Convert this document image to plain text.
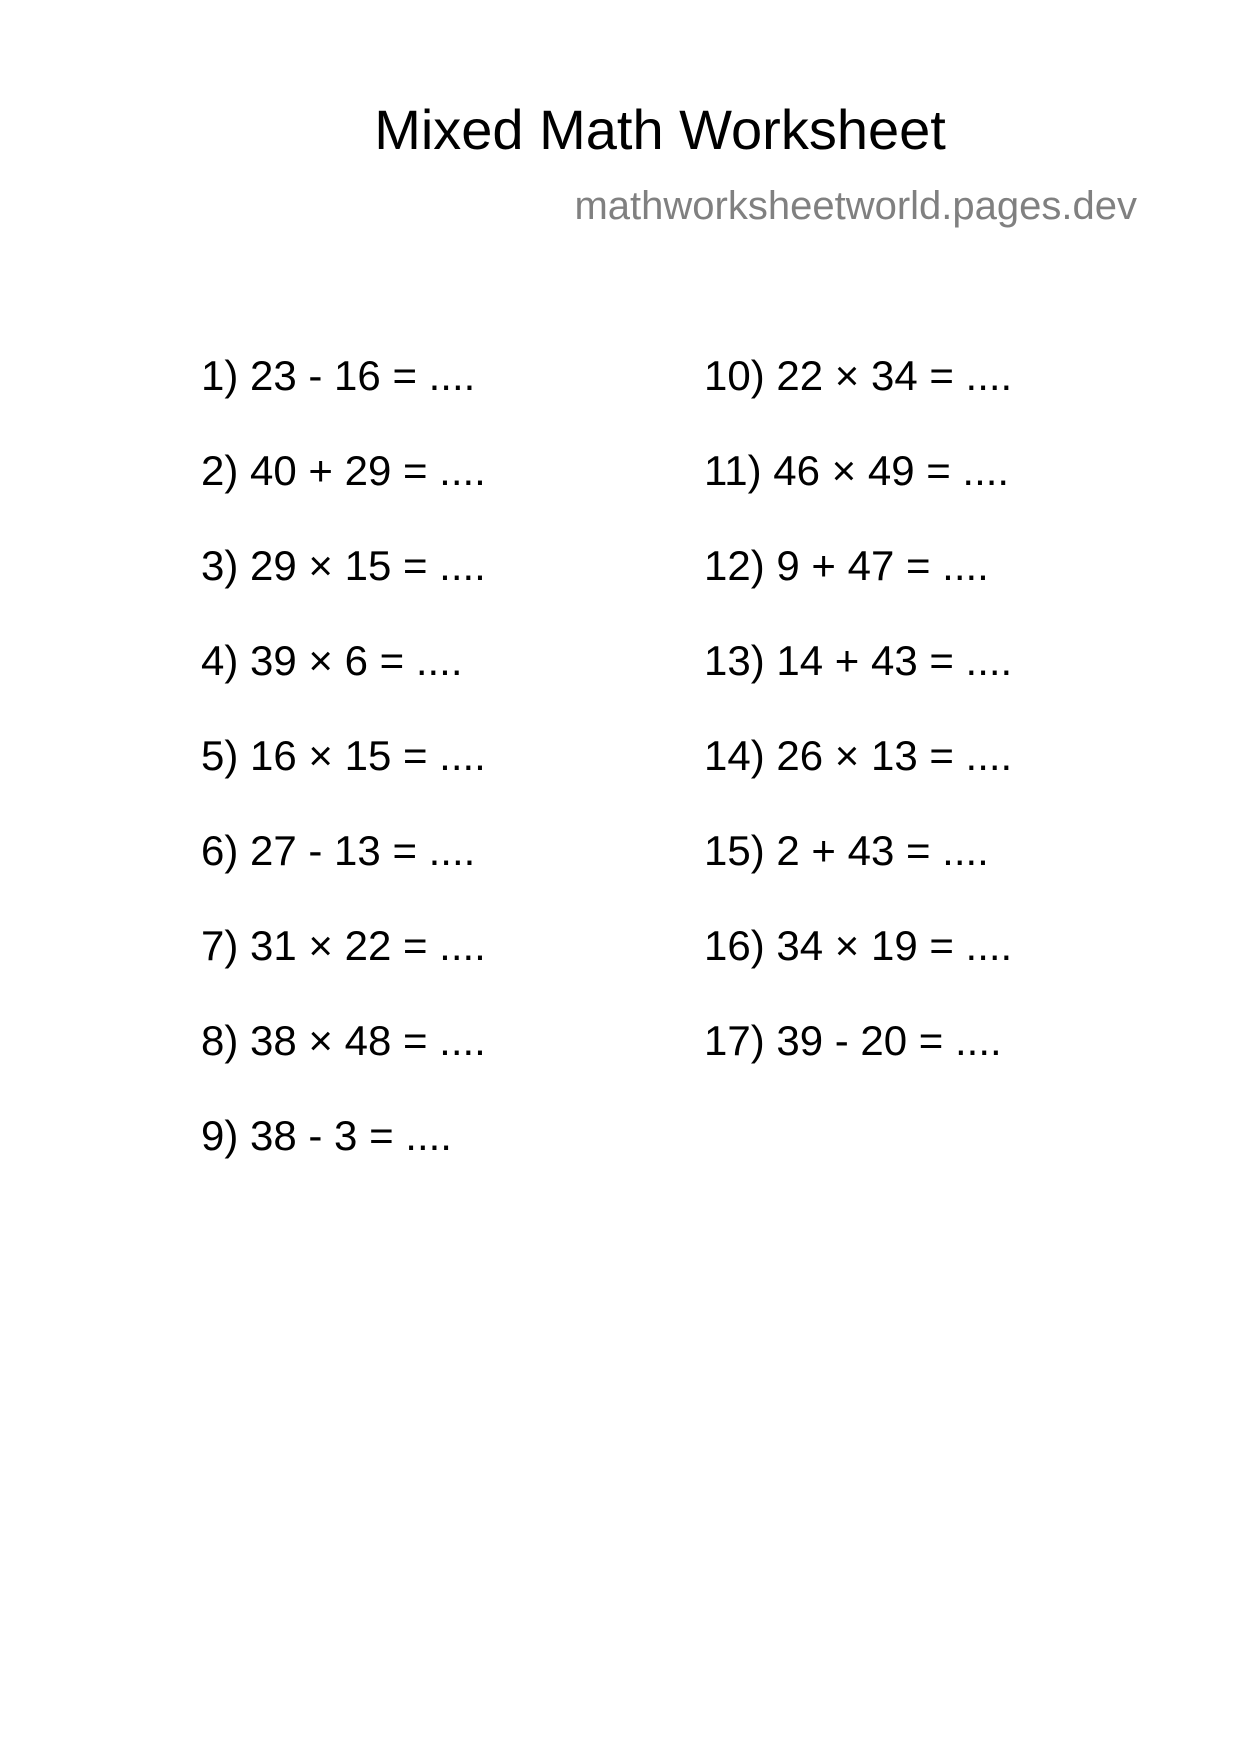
Mixed Math Worksheet
mathworksheetworld.pages.dev
1) 23 - 16 = ....
2) 40 + 29 = ....
3) 29 × 15 = ....
4) 39 × 6 = ....
5) 16 × 15 = ....
6) 27 - 13 = ....
7) 31 × 22 = ....
8) 38 × 48 = ....
9) 38 - 3 = ....
10) 22 × 34 = ....
11) 46 × 49 = ....
12) 9 + 47 = ....
13) 14 + 43 = ....
14) 26 × 13 = ....
15) 2 + 43 = ....
16) 34 × 19 = ....
17) 39 - 20 = ....
